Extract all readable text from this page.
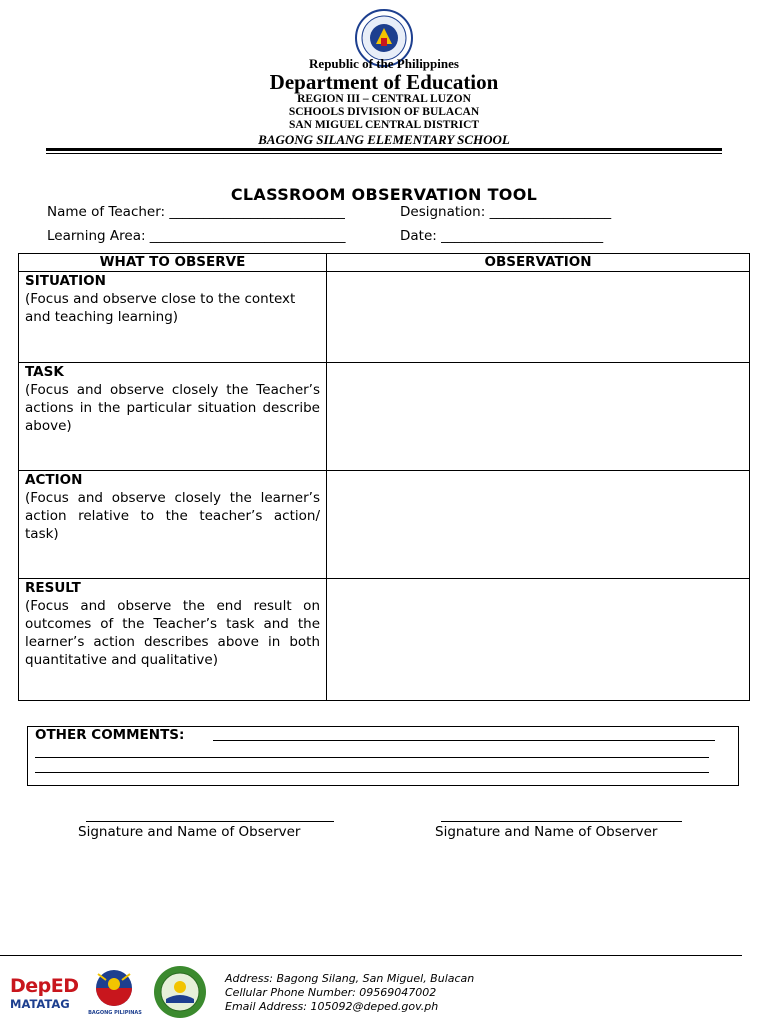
Republic of the Philippines
Department of Education
REGION III – CENTRAL LUZON
SCHOOLS DIVISION OF BULACAN
SAN MIGUEL CENTRAL DISTRICT
BAGONG SILANG ELEMENTARY SCHOOL
CLASSROOM OBSERVATION TOOL
Name of Teacher: __________________________	Designation: __________________
Learning Area: _____________________________	Date: ________________________
WHAT TO OBSERVE	OBSERVATION

SITUATION
(Focus and observe close to the context and teaching learning)	

TASK
(Focus and observe closely the Teacher’s actions in the particular situation describe above)	

ACTION
(Focus and observe closely the learner’s action relative to the teacher’s action/ task)	

RESULT
(Focus and observe the end result on outcomes of the Teacher’s task and the learner’s action describes above in both quantitative and qualitative)	

OTHER COMMENTS:
Signature and Name of Observer	Signature and Name of Observer
DepED
MATATAG
BAGONG PILIPINAS
Address: Bagong Silang, San Miguel, Bulacan
Cellular Phone Number: 09569047002
Email Address: 105092@deped.gov.ph
